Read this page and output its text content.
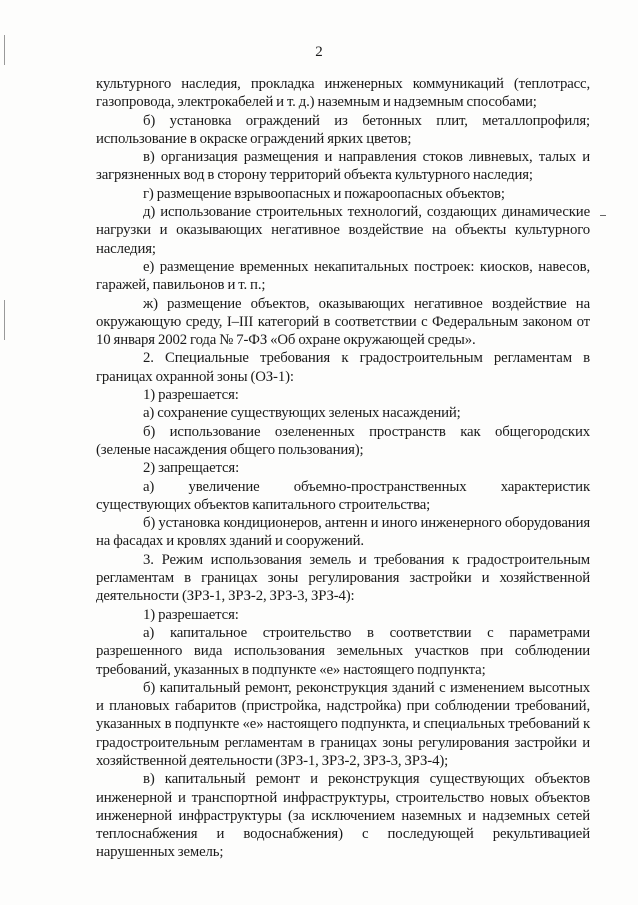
2

культурного наследия, прокладка инженерных коммуникаций (теплотрасс, газопровода, электрокабелей и т. д.) наземным и надземным способами;

б) установка ограждений из бетонных плит, металлопрофиля; использование в окраске ограждений ярких цветов;

в) организация размещения и направления стоков ливневых, талых и загрязненных вод в сторону территорий объекта культурного наследия;

г) размещение взрывоопасных и пожароопасных объектов;

д) использование строительных технологий, создающих динамические нагрузки и оказывающих негативное воздействие на объекты культурного наследия;

е) размещение временных некапитальных построек: киосков, навесов, гаражей, павильонов и т. п.;

ж) размещение объектов, оказывающих негативное воздействие на окружающую среду, I–III категорий в соответствии с Федеральным законом от 10 января 2002 года № 7-ФЗ «Об охране окружающей среды».

2. Специальные требования к градостроительным регламентам в границах охранной зоны (ОЗ-1):

1) разрешается:

а) сохранение существующих зеленых насаждений;

б) использование озелененных пространств как общегородских (зеленые насаждения общего пользования);

2) запрещается:

а) увеличение объемно-пространственных характеристик существующих объектов капитального строительства;

б) установка кондиционеров, антенн и иного инженерного оборудования на фасадах и кровлях зданий и сооружений.

3. Режим использования земель и требования к градостроительным регламентам в границах зоны регулирования застройки и хозяйственной деятельности (ЗРЗ-1, ЗРЗ-2, ЗРЗ-3, ЗРЗ-4):

1) разрешается:

а) капитальное строительство в соответствии с параметрами разрешенного вида использования земельных участков при соблюдении требований, указанных в подпункте «е» настоящего подпункта;

б) капитальный ремонт, реконструкция зданий с изменением высотных и плановых габаритов (пристройка, надстройка) при соблюдении требований, указанных в подпункте «е» настоящего подпункта, и специальных требований к градостроительным регламентам в границах зоны регулирования застройки и хозяйственной деятельности (ЗРЗ-1, ЗРЗ-2, ЗРЗ-3, ЗРЗ-4);

в) капитальный ремонт и реконструкция существующих объектов инженерной и транспортной инфраструктуры, строительство новых объектов инженерной инфраструктуры (за исключением наземных и надземных сетей теплоснабжения и водоснабжения) с последующей рекультивацией нарушенных земель;
